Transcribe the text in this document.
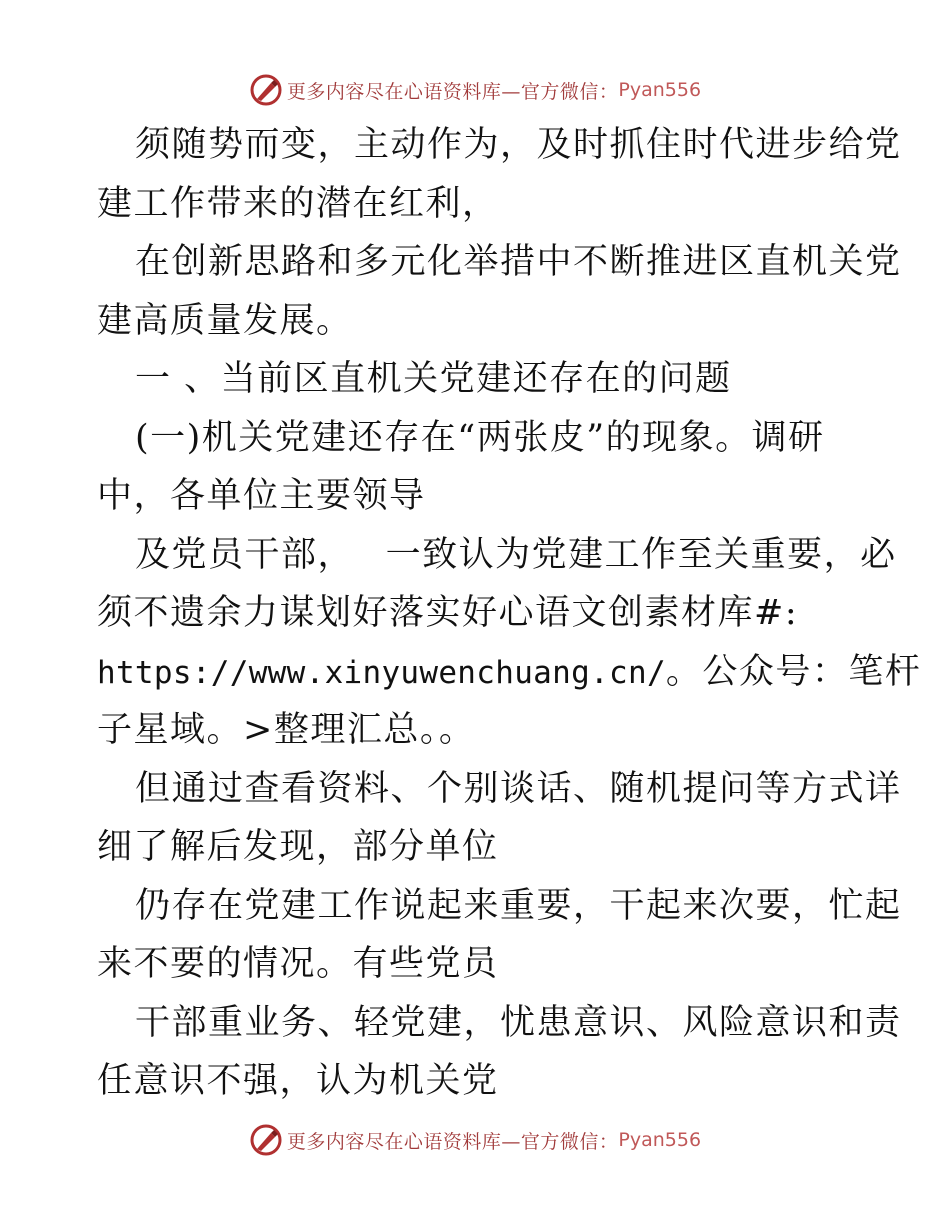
更多内容尽在心语资料库—官方微信： Pyan556
须随势而变，主动作为，及时抓住时代进步给党
建工作带来的潜在红利，
在创新思路和多元化举措中不断推进区直机关党
建高质量发展。
一 、当前区直机关党建还存在的问题
(一)机关党建还存在“两张皮”的现象。调研
中，各单位主要领导
及党员干部，　 一致认为党建工作至关重要，必
须不遗余力谋划好落实好心语文创素材库#:
https://www.xinyuwenchuang.cn/。公众号：笔杆
子星域。>整理汇总。。
但通过查看资料、个别谈话、随机提问等方式详
细了解后发现，部分单位
仍存在党建工作说起来重要，干起来次要，忙起
来不要的情况。有些党员
干部重业务、轻党建，忧患意识、风险意识和责
任意识不强，认为机关党
更多内容尽在心语资料库—官方微信： Pyan556
